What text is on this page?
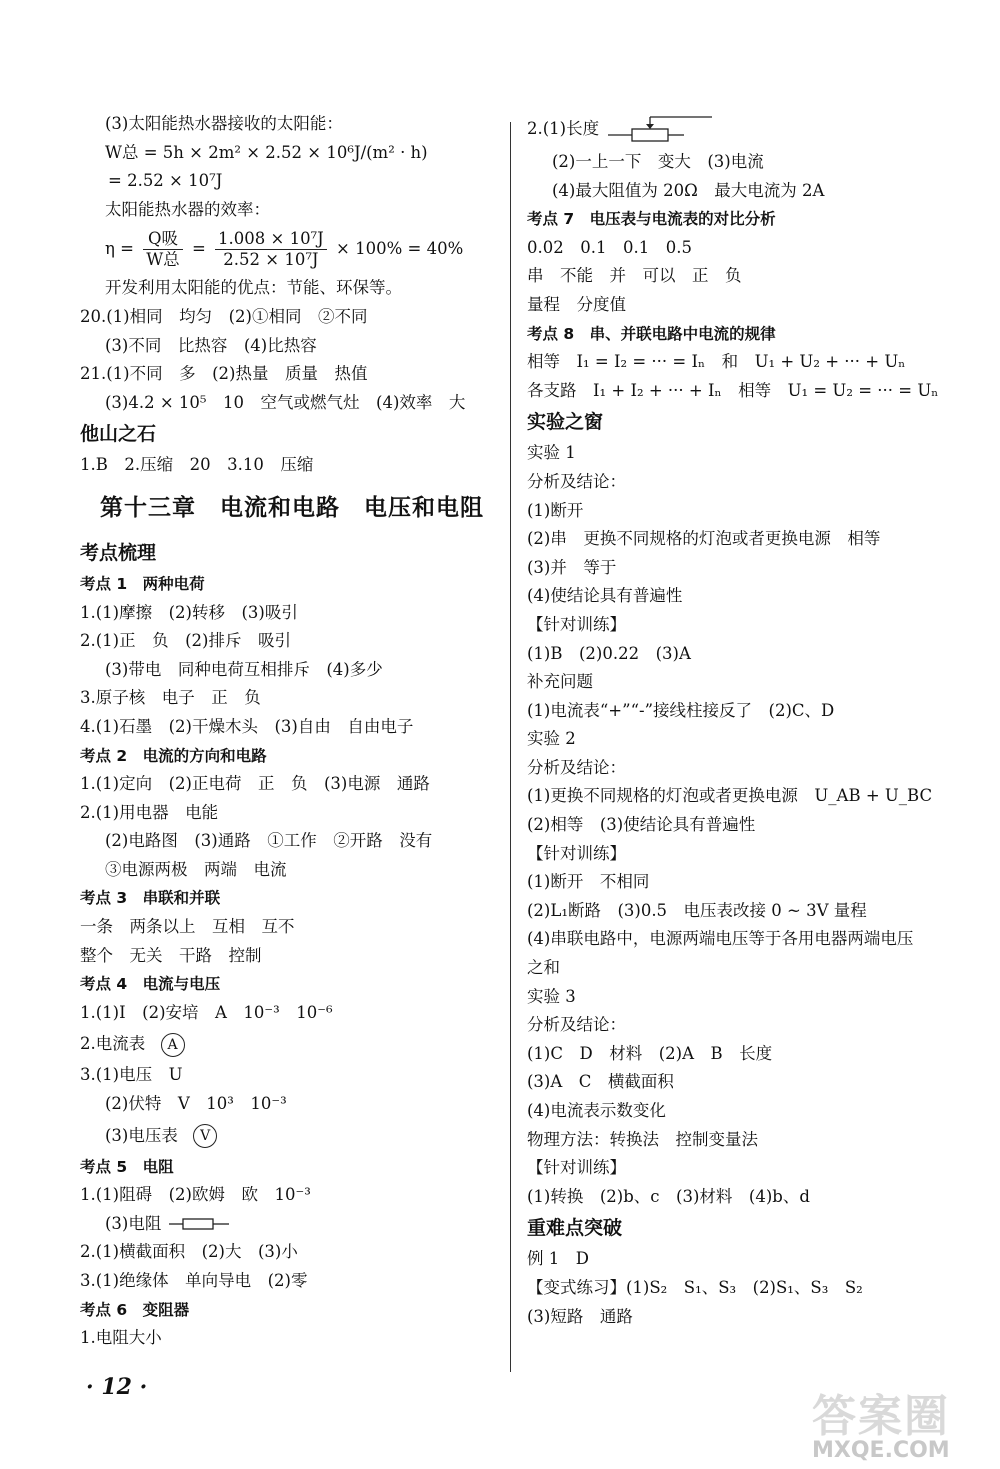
(3)太阳能热水器接收的太阳能：
W总 = 5h × 2m² × 2.52 × 10⁶J/(m² · h)
= 2.52 × 10⁷J
太阳能热水器的效率：
$\eta = \frac{\text{Q吸}}{\text{W总}} = \frac{\text{1.008 × 10⁷J}}{\text{2.52 × 10⁷J}} \times 100\% = 40\%$
开发利用太阳能的优点：节能、环保等。
20.(1)相同　均匀　(2)①相同　②不同
(3)不同　比热容　(4)比热容
21.(1)不同　多　(2)热量　质量　热值
(3)4.2 × 10⁵　10　空气或燃气灶　(4)效率　大
他山之石
1.B　2.压缩　20　3.10　压缩
第十三章　电流和电路　电压和电阻
考点梳理
考点 1　两种电荷
1.(1)摩擦　(2)转移　(3)吸引
2.(1)正　负　(2)排斥　吸引
(3)带电　同种电荷互相排斥　(4)多少
3.原子核　电子　正　负
4.(1)石墨　(2)干燥木头　(3)自由　自由电子
考点 2　电流的方向和电路
1.(1)定向　(2)正电荷　正　负　(3)电源　通路
2.(1)用电器　电能
(2)电路图　(3)通路　①工作　②开路　没有
③电源两极　两端　电流
考点 3　串联和并联
一条　两条以上　互相　互不
整个　无关　干路　控制
考点 4　电流与电压
1.(1)I　(2)安培　A　10⁻³　10⁻⁶
2.电流表 A
3.(1)电压　U
(2)伏特　V　10³　10⁻³
(3)电压表 V
考点 5　电阻
1.(1)阻碍　(2)欧姆　欧　10⁻³
(3)电阻
2.(1)横截面积　(2)大　(3)小
3.(1)绝缘体　单向导电　(2)零
考点 6　变阻器
1.电阻大小
2.(1)长度
(2)一上一下　变大　(3)电流
(4)最大阻值为 20Ω　最大电流为 2A
考点 7　电压表与电流表的对比分析
0.02　0.1　0.1　0.5
串　不能　并　可以　正　负
量程　分度值
考点 8　串、并联电路中电流的规律
相等　I₁ = I₂ = ··· = Iₙ　和　U₁ + U₂ + ··· + Uₙ
各支路　I₁ + I₂ + ··· + Iₙ　相等　U₁ = U₂ = ··· = Uₙ
实验之窗
实验 1
分析及结论：
(1)断开
(2)串　更换不同规格的灯泡或者更换电源　相等
(3)并　等于
(4)使结论具有普遍性
【针对训练】
(1)B　(2)0.22　(3)A
补充问题
(1)电流表“+”“-”接线柱接反了　(2)C、D
实验 2
分析及结论：
(1)更换不同规格的灯泡或者更换电源　U_AB + U_BC
(2)相等　(3)使结论具有普遍性
【针对训练】
(1)断开　不相同
(2)L₁断路　(3)0.5　电压表改接 0 ~ 3V 量程
(4)串联电路中，电源两端电压等于各用电器两端电压
之和
实验 3
分析及结论：
(1)C　D　材料　(2)A　B　长度
(3)A　C　横截面积
(4)电流表示数变化
物理方法：转换法　控制变量法
【针对训练】
(1)转换　(2)b、c　(3)材料　(4)b、d
重难点突破
例 1　D
【变式练习】(1)S₂　S₁、S₃　(2)S₁、S₃　S₂
(3)短路　通路
· 12 ·
答案圈
MXQE.COM
